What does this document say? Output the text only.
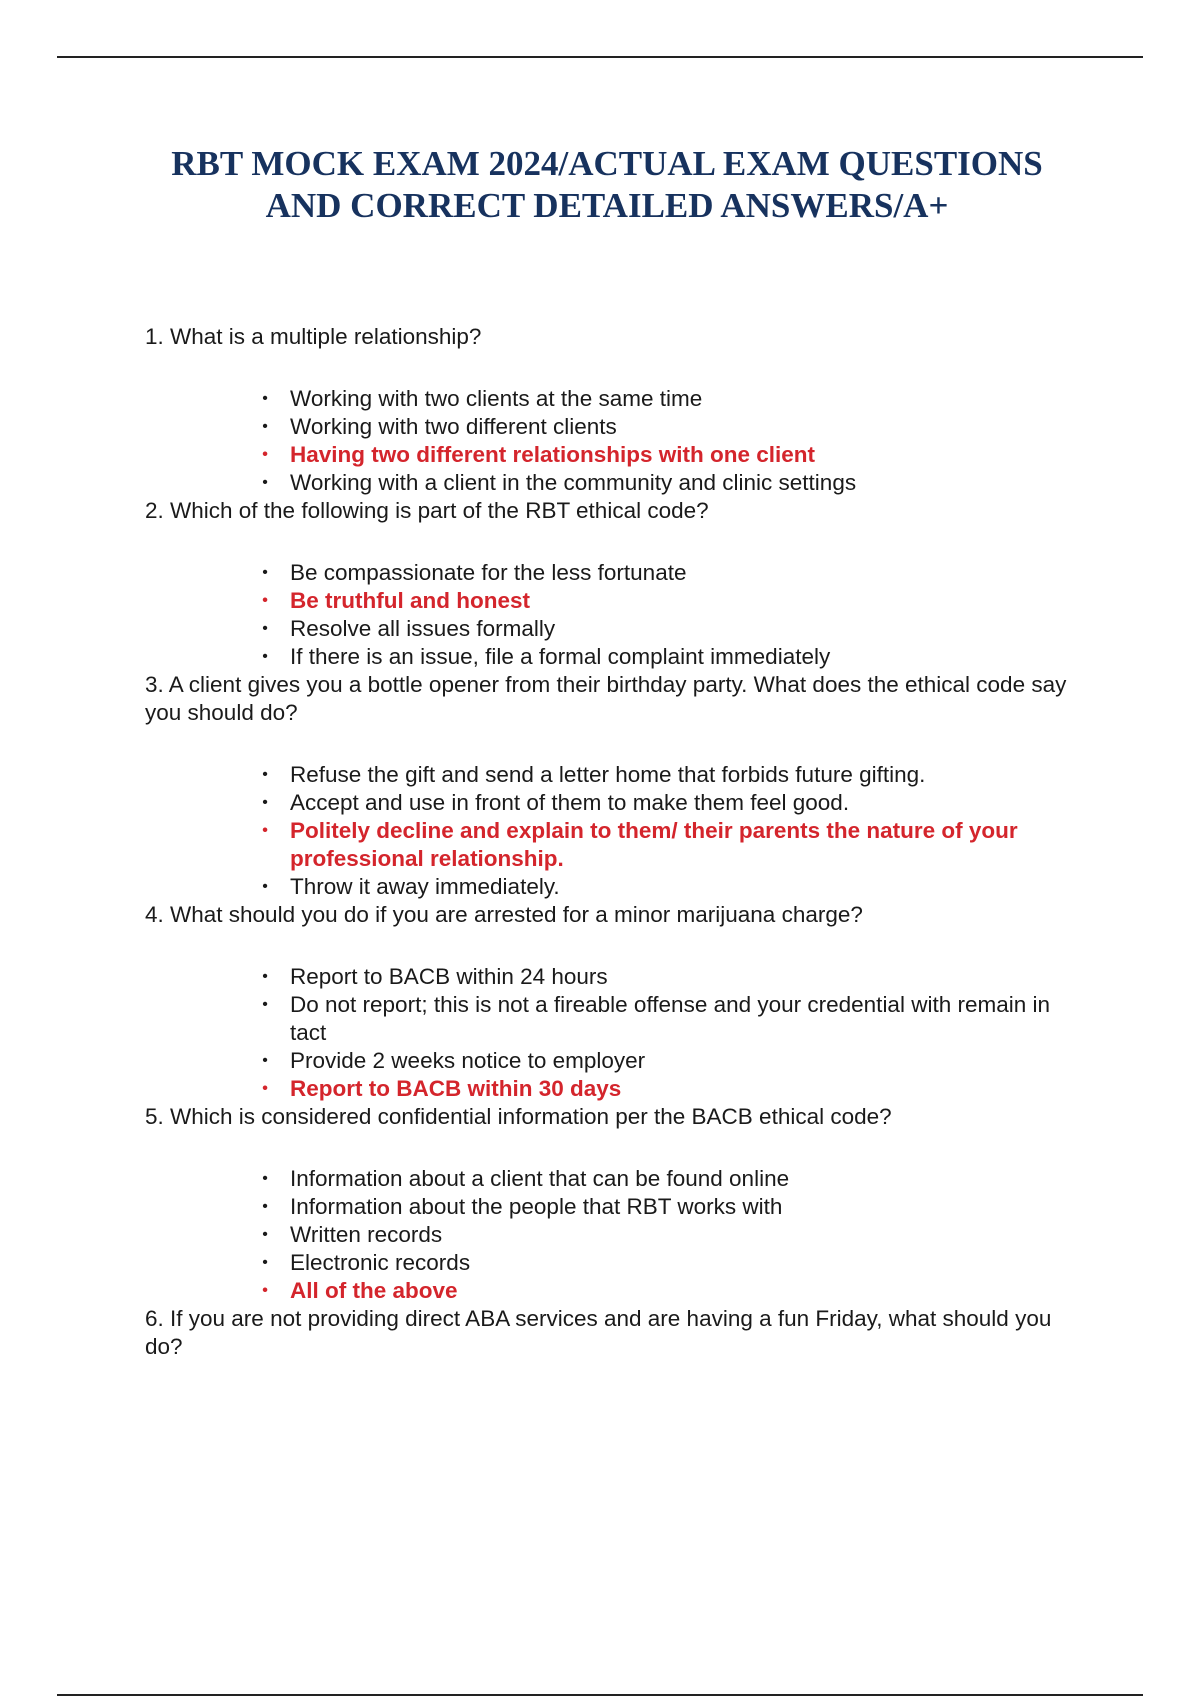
RBT MOCK EXAM 2024/ACTUAL EXAM QUESTIONS
AND CORRECT DETAILED ANSWERS/A+

1. What is a multiple relationship?

• Working with two clients at the same time
• Working with two different clients
• Having two different relationships with one client
• Working with a client in the community and clinic settings

2. Which of the following is part of the RBT ethical code?

• Be compassionate for the less fortunate
• Be truthful and honest
• Resolve all issues formally
• If there is an issue, file a formal complaint immediately

3. A client gives you a bottle opener from their birthday party. What does the ethical code say you should do?

• Refuse the gift and send a letter home that forbids future gifting.
• Accept and use in front of them to make them feel good.
• Politely decline and explain to them/ their parents the nature of your professional relationship.
• Throw it away immediately.

4. What should you do if you are arrested for a minor marijuana charge?

• Report to BACB within 24 hours
• Do not report; this is not a fireable offense and your credential with remain in tact
• Provide 2 weeks notice to employer
• Report to BACB within 30 days

5. Which is considered confidential information per the BACB ethical code?

• Information about a client that can be found online
• Information about the people that RBT works with
• Written records
• Electronic records
• All of the above

6. If you are not providing direct ABA services and are having a fun Friday, what should you do?
